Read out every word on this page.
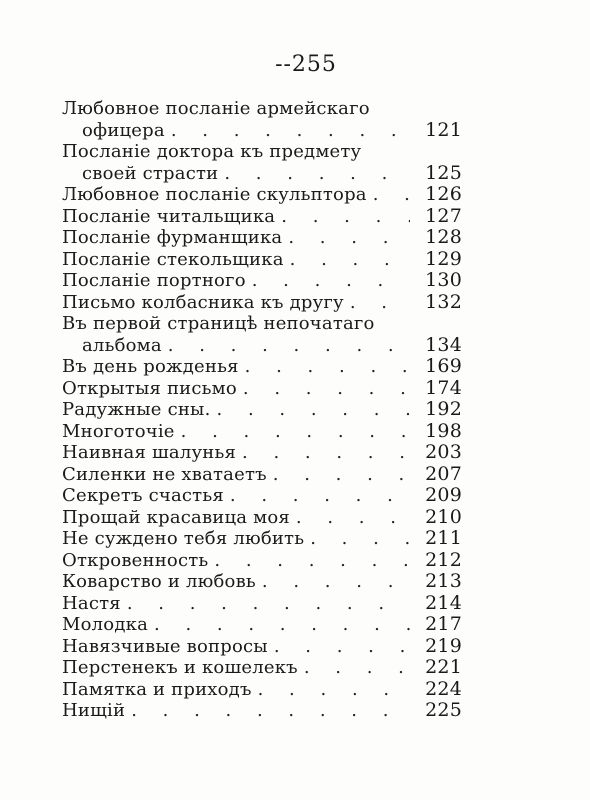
--255
Любовное посланіе армейскаго
офицера . . .	121
Посланіе доктора къ предмету
своей страсти . . .	125
Любовное посланіе скульптора . . .	126
Посланіе читальщика . . .	127
Посланіе фурманщика . . .	128
Посланіе стекольщика . . .	129
Посланіе портного . . .	130
Письмо колбасника къ другу . . .	132
Въ первой страницѣ непочатаго
альбома . . .	134
Въ день рожденья . . .	169
Открытыя письмо . . .	174
Радужные сны. . . .	192
Многоточіе . . .	198
Наивная шалунья . . .	203
Силенки не хватаетъ . . .	207
Секретъ счастья . . .	209
Прощай красавица моя . . .	210
Не суждено тебя любить . . .	211
Откровенность . . .	212
Коварство и любовь . . .	213
Настя . . .	214
Молодка . . .	217
Навязчивые вопросы . . .	219
Перстенекъ и кошелекъ . . .	221
Памятка и приходъ . . .	224
Нищій . . .	225
